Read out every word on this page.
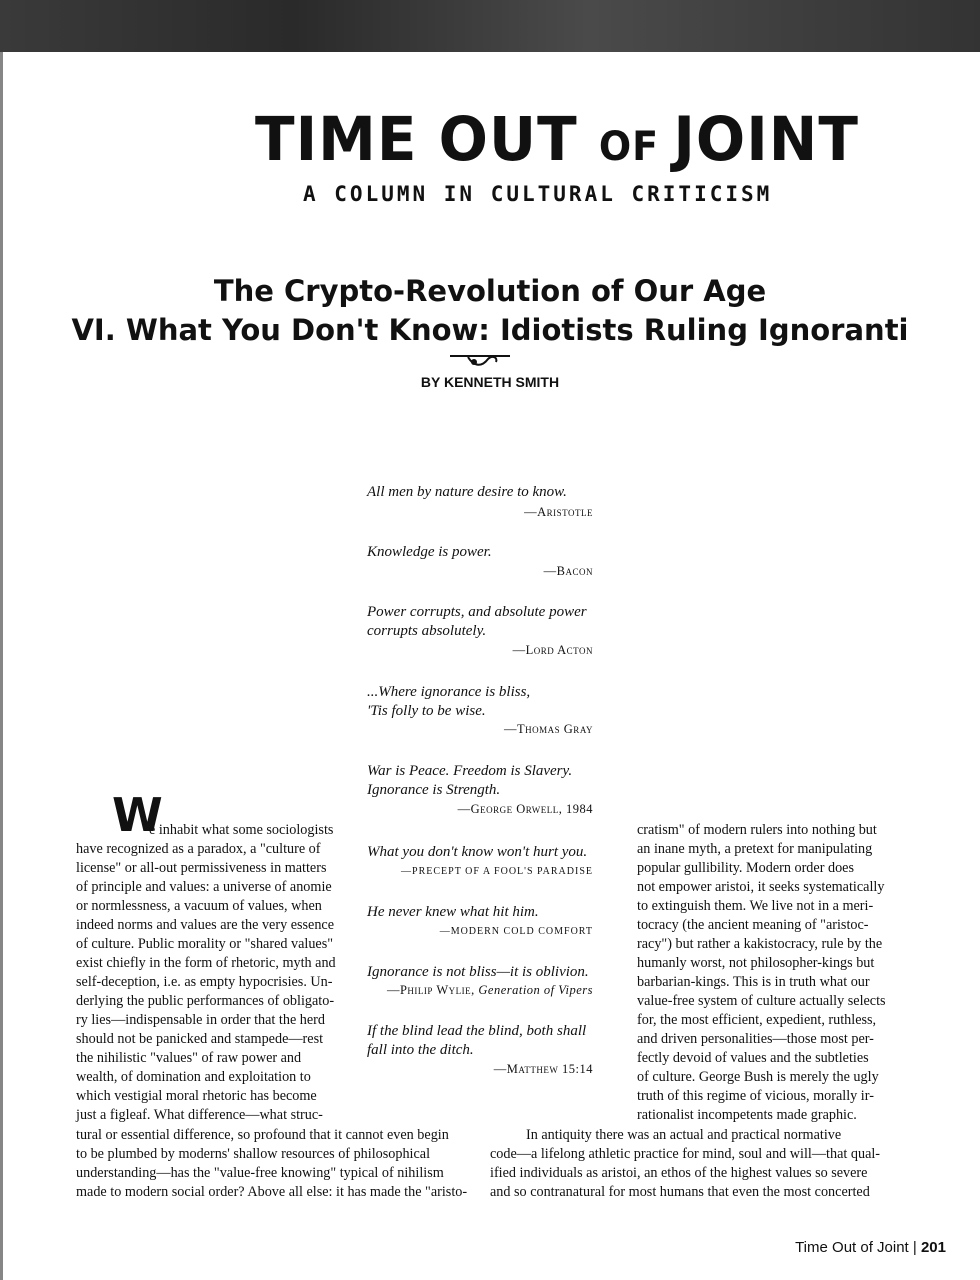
TIME OUT OF JOINT
A COLUMN IN CULTURAL CRITICISM
The Crypto-Revolution of Our Age
VI. What You Don't Know: Idiotists Ruling Ignoranti
BY KENNETH SMITH
All men by nature desire to know.
—Aristotle
Knowledge is power.
—Bacon
Power corrupts, and absolute power
corrupts absolutely.
—Lord Acton
...Where ignorance is bliss,
'Tis folly to be wise.
—Thomas Gray
War is Peace. Freedom is Slavery.
Ignorance is Strength.
—George Orwell, 1984
What you don't know won't hurt you.
—PRECEPT OF A FOOL'S PARADISE
He never knew what hit him.
—MODERN COLD COMFORT
Ignorance is not bliss—it is oblivion.
—Philip Wylie, Generation of Vipers
If the blind lead the blind, both shall
fall into the ditch.
—Matthew 15:14
W
e inhabit what some sociologists
have recognized as a paradox, a "culture of
license" or all-out permissiveness in matters
of principle and values: a universe of anomie
or normlessness, a vacuum of values, when
indeed norms and values are the very essence
of culture. Public morality or "shared values"
exist chiefly in the form of rhetoric, myth and
self-deception, i.e. as empty hypocrisies. Un-
derlying the public performances of obligato-
ry lies—indispensable in order that the herd
should not be panicked and stampede—rest
the nihilistic "values" of raw power and
wealth, of domination and exploitation to
which vestigial moral rhetoric has become
just a figleaf. What difference—what struc-
cratism" of modern rulers into nothing but
an inane myth, a pretext for manipulating
popular gullibility. Modern order does
not empower aristoi, it seeks systematically
to extinguish them. We live not in a meri-
tocracy (the ancient meaning of "aristoc-
racy") but rather a kakistocracy, rule by the
humanly worst, not philosopher-kings but
barbarian-kings. This is in truth what our
value-free system of culture actually selects
for, the most efficient, expedient, ruthless,
and driven personalities—those most per-
fectly devoid of values and the subtleties
of culture. George Bush is merely the ugly
truth of this regime of vicious, morally ir-
rationalist incompetents made graphic.
tural or essential difference, so profound that it cannot even begin
to be plumbed by moderns' shallow resources of philosophical
understanding—has the "value-free knowing" typical of nihilism
made to modern social order? Above all else: it has made the "aristo-
In antiquity there was an actual and practical normative
code—a lifelong athletic practice for mind, soul and will—that qual-
ified individuals as aristoi, an ethos of the highest values so severe
and so contranatural for most humans that even the most concerted
Time Out of Joint | 201
